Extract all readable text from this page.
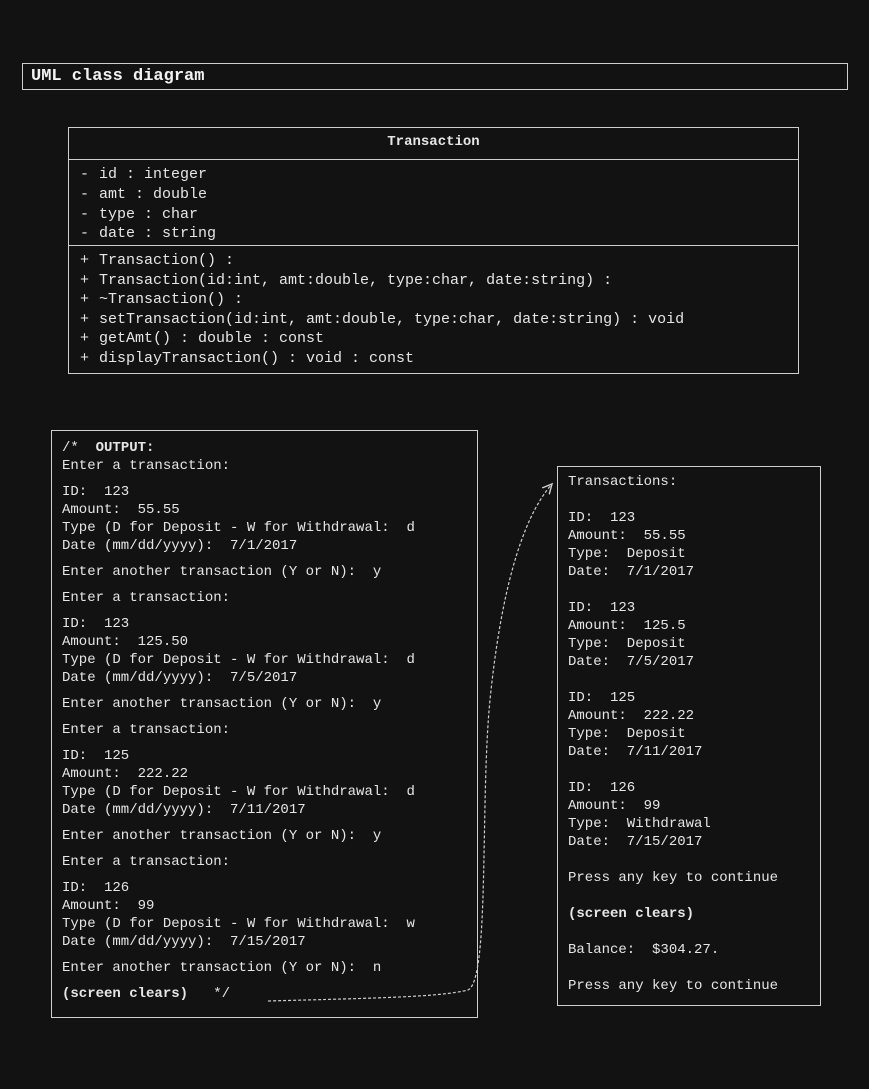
UML class diagram
Transaction
- id : integer
- amt : double
- type : char
- date : string
+ Transaction() :
+ Transaction(id:int, amt:double, type:char, date:string) :
+ ~Transaction() :
+ setTransaction(id:int, amt:double, type:char, date:string) : void
+ getAmt() : double : const
+ displayTransaction() : void : const
/* OUTPUT:
Enter a transaction:
ID:  123
Amount:  55.55
Type (D for Deposit - W for Withdrawal:  d
Date (mm/dd/yyyy):  7/1/2017
Enter another transaction (Y or N):  y
Enter a transaction:
ID:  123
Amount:  125.50
Type (D for Deposit - W for Withdrawal:  d
Date (mm/dd/yyyy):  7/5/2017
Enter another transaction (Y or N):  y
Enter a transaction:
ID:  125
Amount:  222.22
Type (D for Deposit - W for Withdrawal:  d
Date (mm/dd/yyyy):  7/11/2017
Enter another transaction (Y or N):  y
Enter a transaction:
ID:  126
Amount:  99
Type (D for Deposit - W for Withdrawal:  w
Date (mm/dd/yyyy):  7/15/2017
Enter another transaction (Y or N):  n
(screen clears) */
Transactions:
ID:  123
Amount:  55.55
Type:  Deposit
Date:  7/1/2017
ID:  123
Amount:  125.5
Type:  Deposit
Date:  7/5/2017
ID:  125
Amount:  222.22
Type:  Deposit
Date:  7/11/2017
ID:  126
Amount:  99
Type:  Withdrawal
Date:  7/15/2017
Press any key to continue
(screen clears)
Balance:  $304.27.
Press any key to continue
